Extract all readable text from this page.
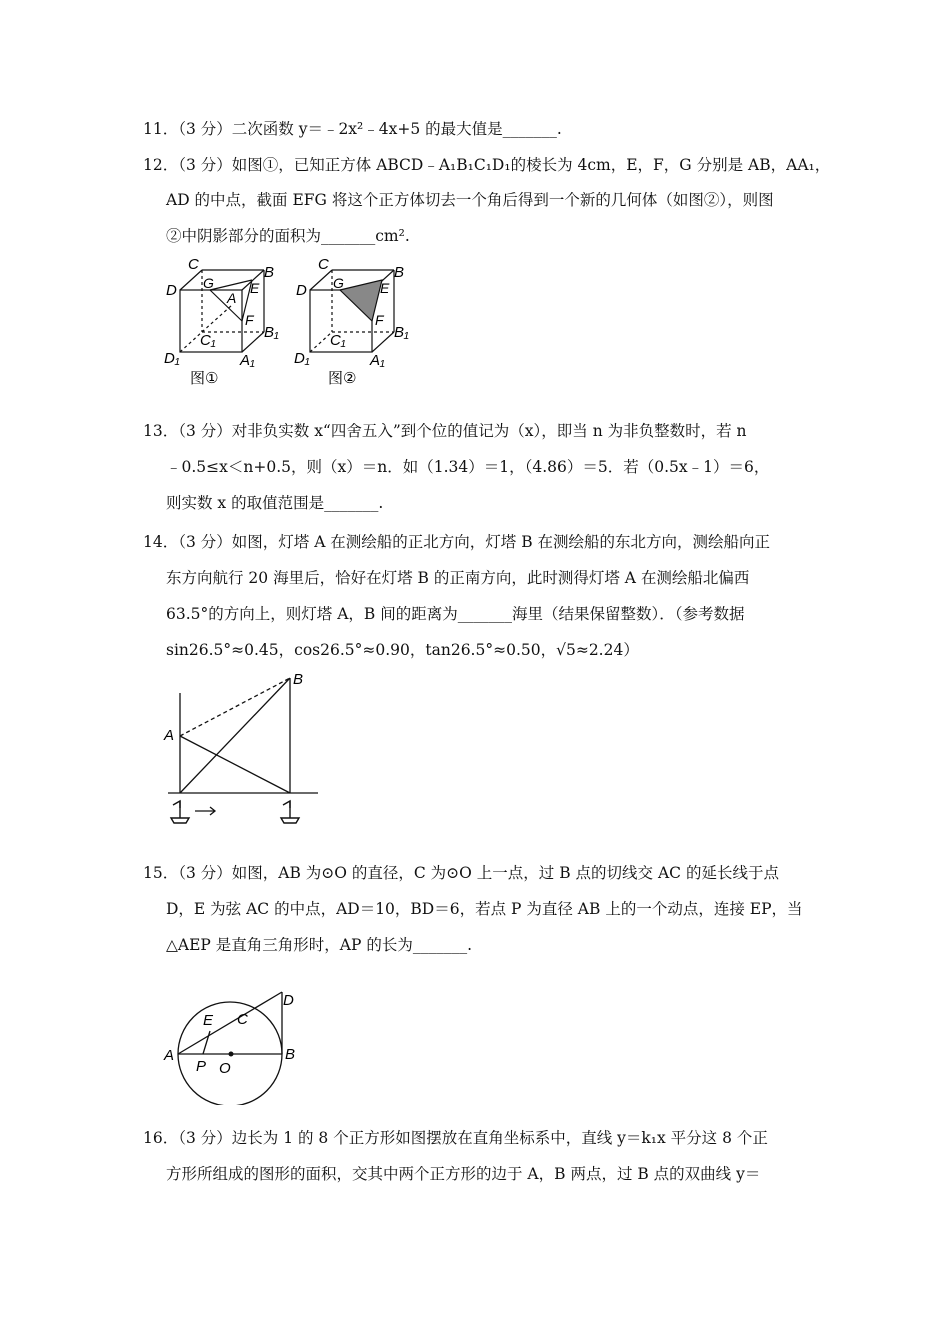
11．（3 分）二次函数 y＝﹣2x²﹣4x+5 的最大值是_______.
12．（3 分）如图①，已知正方体 ABCD﹣A₁B₁C₁D₁的棱长为 4cm，E，F，G 分别是 AB，AA₁，
AD 的中点，截面 EFG 将这个正方体切去一个角后得到一个新的几何体（如图②），则图
②中阴影部分的面积为_______cm².
C	B
D G	E
A
F
B₁
C₁
D₁	A₁
图①
C	B
D G	E
F
B₁
C₁
D₁	A₁
图②
13．（3 分）对非负实数 x“四舍五入”到个位的值记为（x），即当 n 为非负整数时，若 n
﹣0.5≤x＜n+0.5，则（x）＝n．如（1.34）＝1，（4.86）＝5．若（0.5x﹣1）＝6，
则实数 x 的取值范围是_______.
14．（3 分）如图，灯塔 A 在测绘船的正北方向，灯塔 B 在测绘船的东北方向，测绘船向正
东方向航行 20 海里后，恰好在灯塔 B 的正南方向，此时测得灯塔 A 在测绘船北偏西
63.5°的方向上，则灯塔 A，B 间的距离为_______海里（结果保留整数）．（参考数据
sin26.5°≈0.45，cos26.5°≈0.90，tan26.5°≈0.50，√5≈2.24）
A
B
15．（3 分）如图，AB 为⊙O 的直径，C 为⊙O 上一点，过 B 点的切线交 AC 的延长线于点
D，E 为弦 AC 的中点，AD＝10，BD＝6，若点 P 为直径 AB 上的一个动点，连接 EP，当
△AEP 是直角三角形时，AP 的长为_______.
A	B
C
D
E
P O
16．（3 分）边长为 1 的 8 个正方形如图摆放在直角坐标系中，直线 y＝k₁x 平分这 8 个正
方形所组成的图形的面积，交其中两个正方形的边于 A，B 两点，过 B 点的双曲线 y＝
